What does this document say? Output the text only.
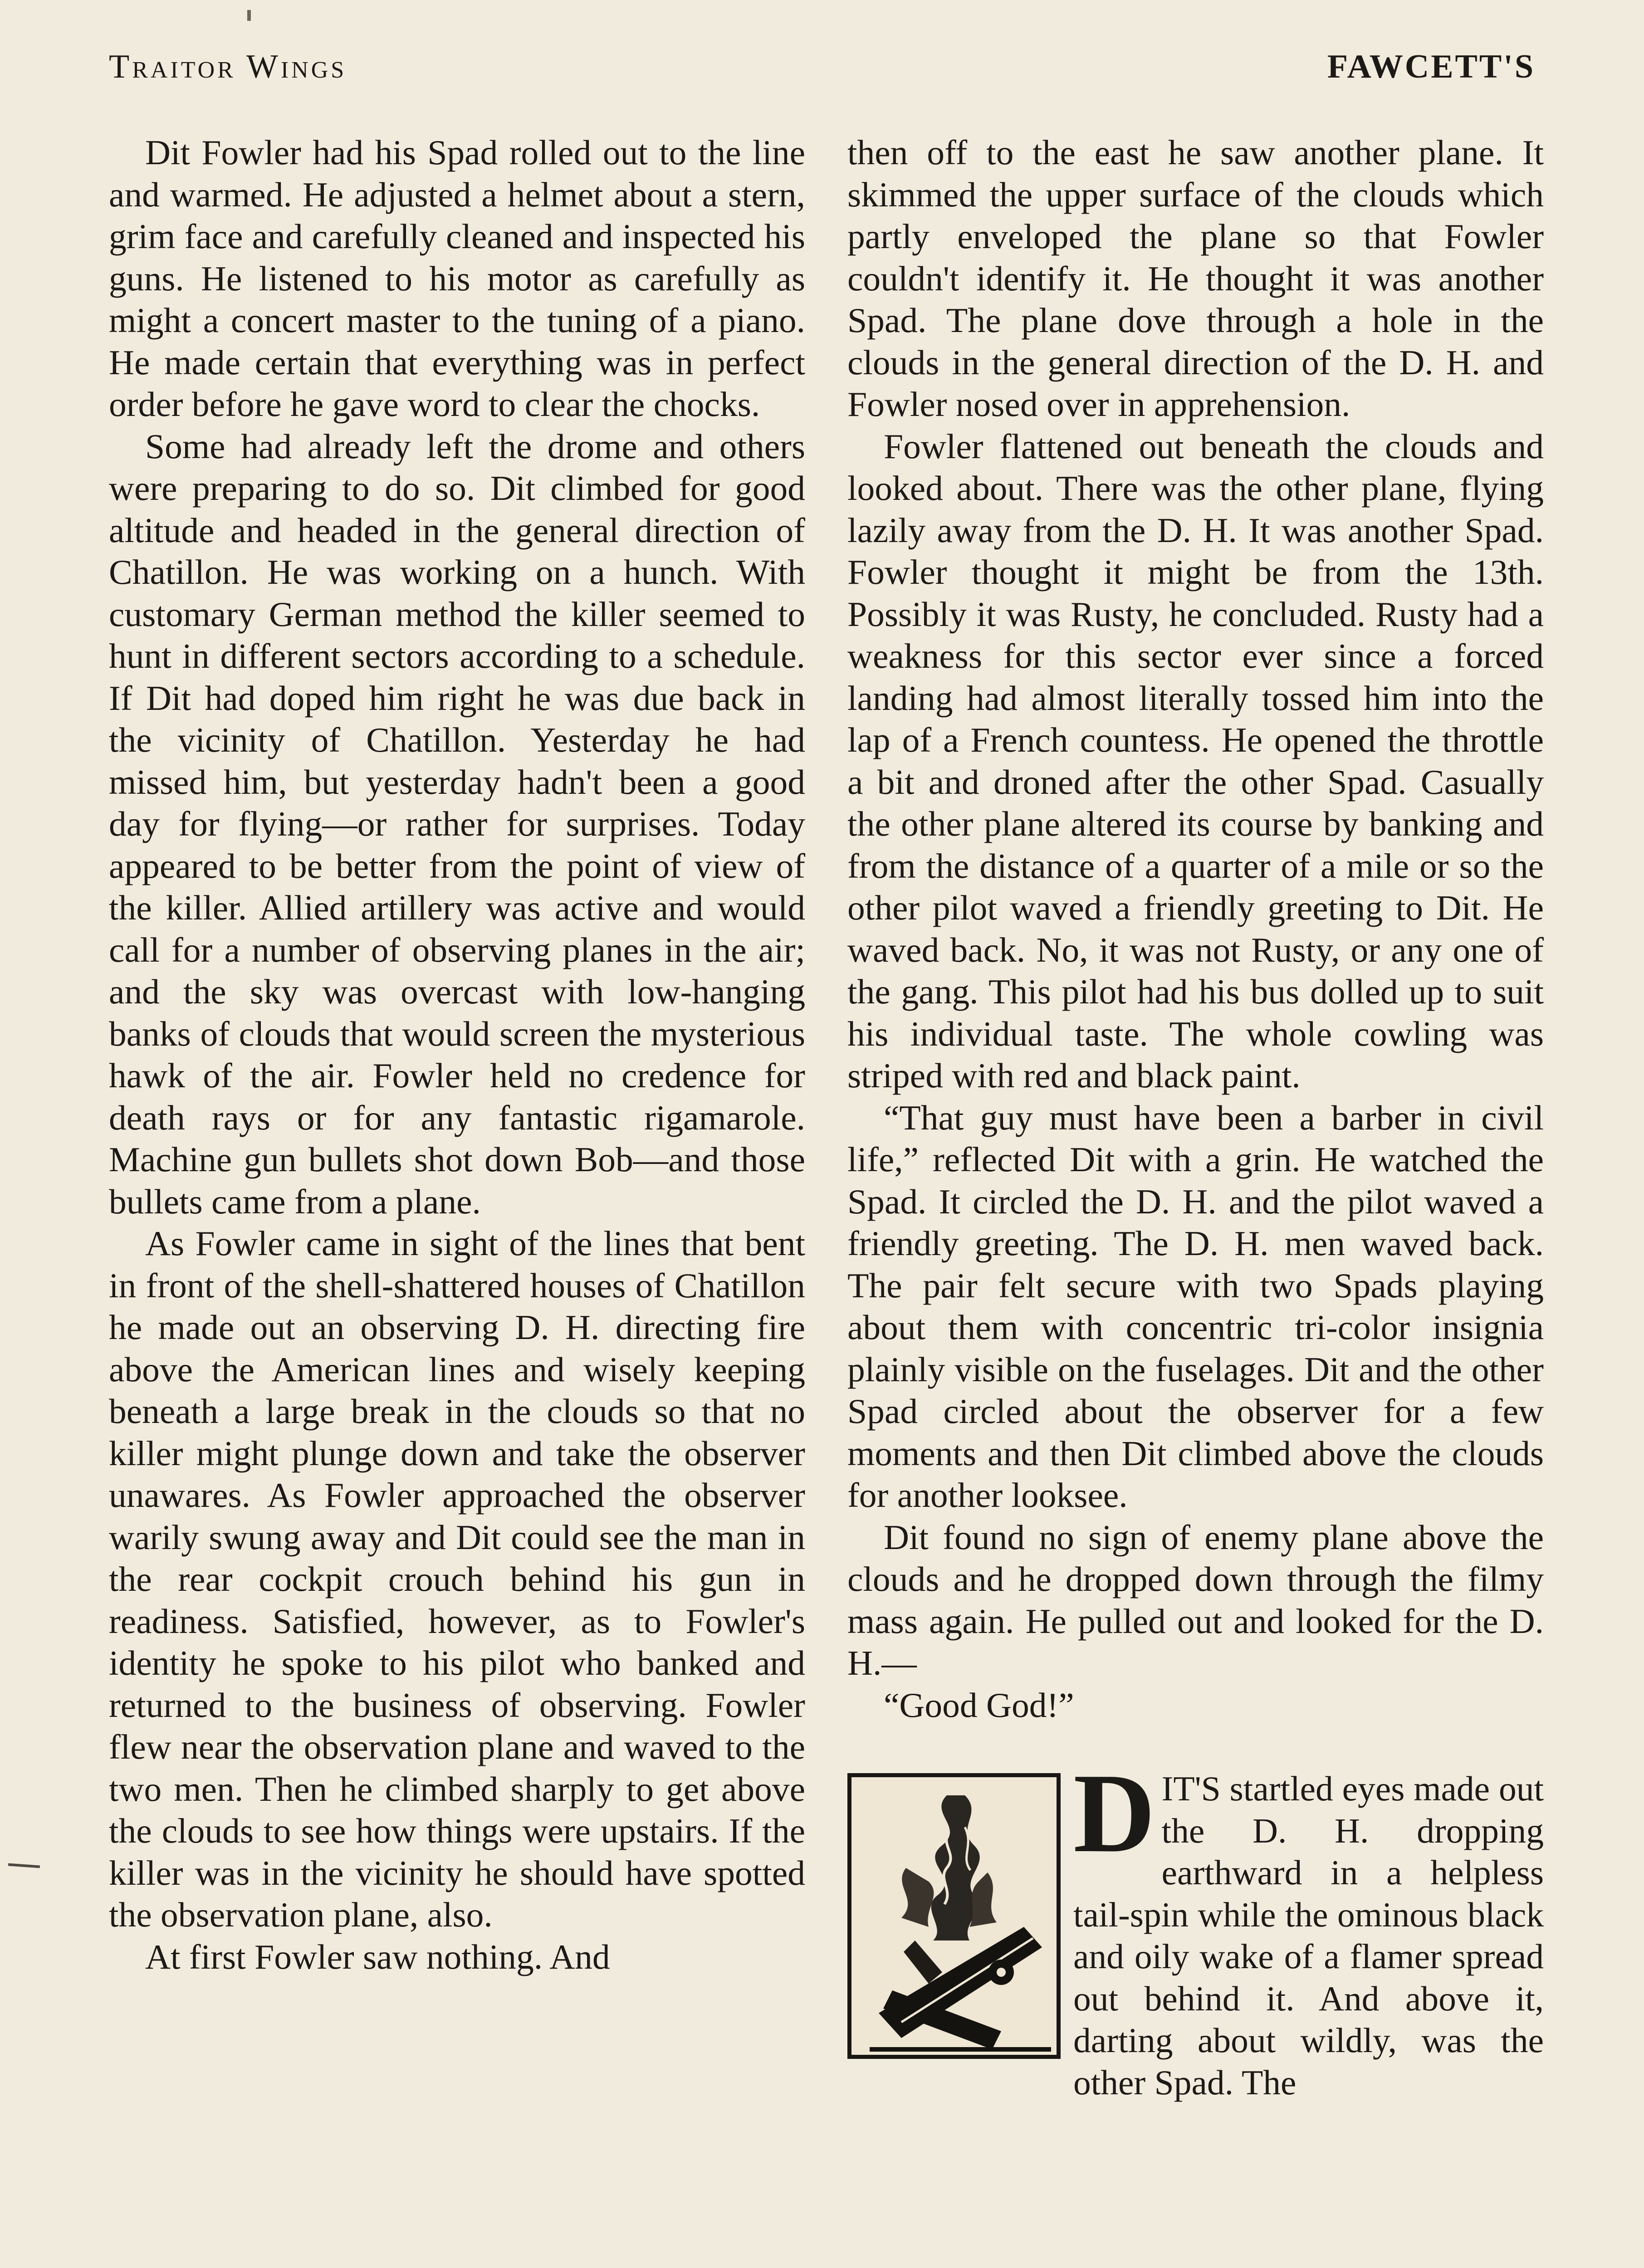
Traitor Wings	FAWCETT'S

Dit Fowler had his Spad rolled out to the line and warmed. He adjusted a helmet about a stern, grim face and carefully cleaned and inspected his guns. He listened to his motor as carefully as might a concert master to the tuning of a piano. He made certain that everything was in perfect order before he gave word to clear the chocks.

Some had already left the drome and others were preparing to do so. Dit climbed for good altitude and headed in the general direction of Chatillon. He was working on a hunch. With customary German method the killer seemed to hunt in different sectors according to a schedule. If Dit had doped him right he was due back in the vicinity of Chatillon. Yesterday he had missed him, but yesterday hadn't been a good day for flying—or rather for surprises. Today appeared to be better from the point of view of the killer. Allied artillery was active and would call for a number of observing planes in the air; and the sky was overcast with low-hanging banks of clouds that would screen the mysterious hawk of the air. Fowler held no credence for death rays or for any fantastic rigamarole. Machine gun bullets shot down Bob—and those bullets came from a plane.

As Fowler came in sight of the lines that bent in front of the shell-shattered houses of Chatillon he made out an observing D. H. directing fire above the American lines and wisely keeping beneath a large break in the clouds so that no killer might plunge down and take the observer unawares. As Fowler approached the observer warily swung away and Dit could see the man in the rear cockpit crouch behind his gun in readiness. Satisfied, however, as to Fowler's identity he spoke to his pilot who banked and returned to the business of observing. Fowler flew near the observation plane and waved to the two men. Then he climbed sharply to get above the clouds to see how things were upstairs. If the killer was in the vicinity he should have spotted the observation plane, also.

At first Fowler saw nothing. And

then off to the east he saw another plane. It skimmed the upper surface of the clouds which partly enveloped the plane so that Fowler couldn't identify it. He thought it was another Spad. The plane dove through a hole in the clouds in the general direction of the D. H. and Fowler nosed over in apprehension.

Fowler flattened out beneath the clouds and looked about. There was the other plane, flying lazily away from the D. H. It was another Spad. Fowler thought it might be from the 13th. Possibly it was Rusty, he concluded. Rusty had a weakness for this sector ever since a forced landing had almost literally tossed him into the lap of a French countess. He opened the throttle a bit and droned after the other Spad. Casually the other plane altered its course by banking and from the distance of a quarter of a mile or so the other pilot waved a friendly greeting to Dit. He waved back. No, it was not Rusty, or any one of the gang. This pilot had his bus dolled up to suit his individual taste. The whole cowling was striped with red and black paint.

“That guy must have been a barber in civil life,” reflected Dit with a grin. He watched the Spad. It circled the D. H. and the pilot waved a friendly greeting. The D. H. men waved back. The pair felt secure with two Spads playing about them with concentric tri-color insignia plainly visible on the fuselages. Dit and the other Spad circled about the observer for a few moments and then Dit climbed above the clouds for another looksee.

Dit found no sign of enemy plane above the clouds and he dropped down through the filmy mass again. He pulled out and looked for the D. H.—

“Good God!”

DIT'S startled eyes made out the D. H. dropping earthward in a helpless tail-spin while the ominous black and oily wake of a flamer spread out behind it. And above it, darting about wildly, was the other Spad. The
